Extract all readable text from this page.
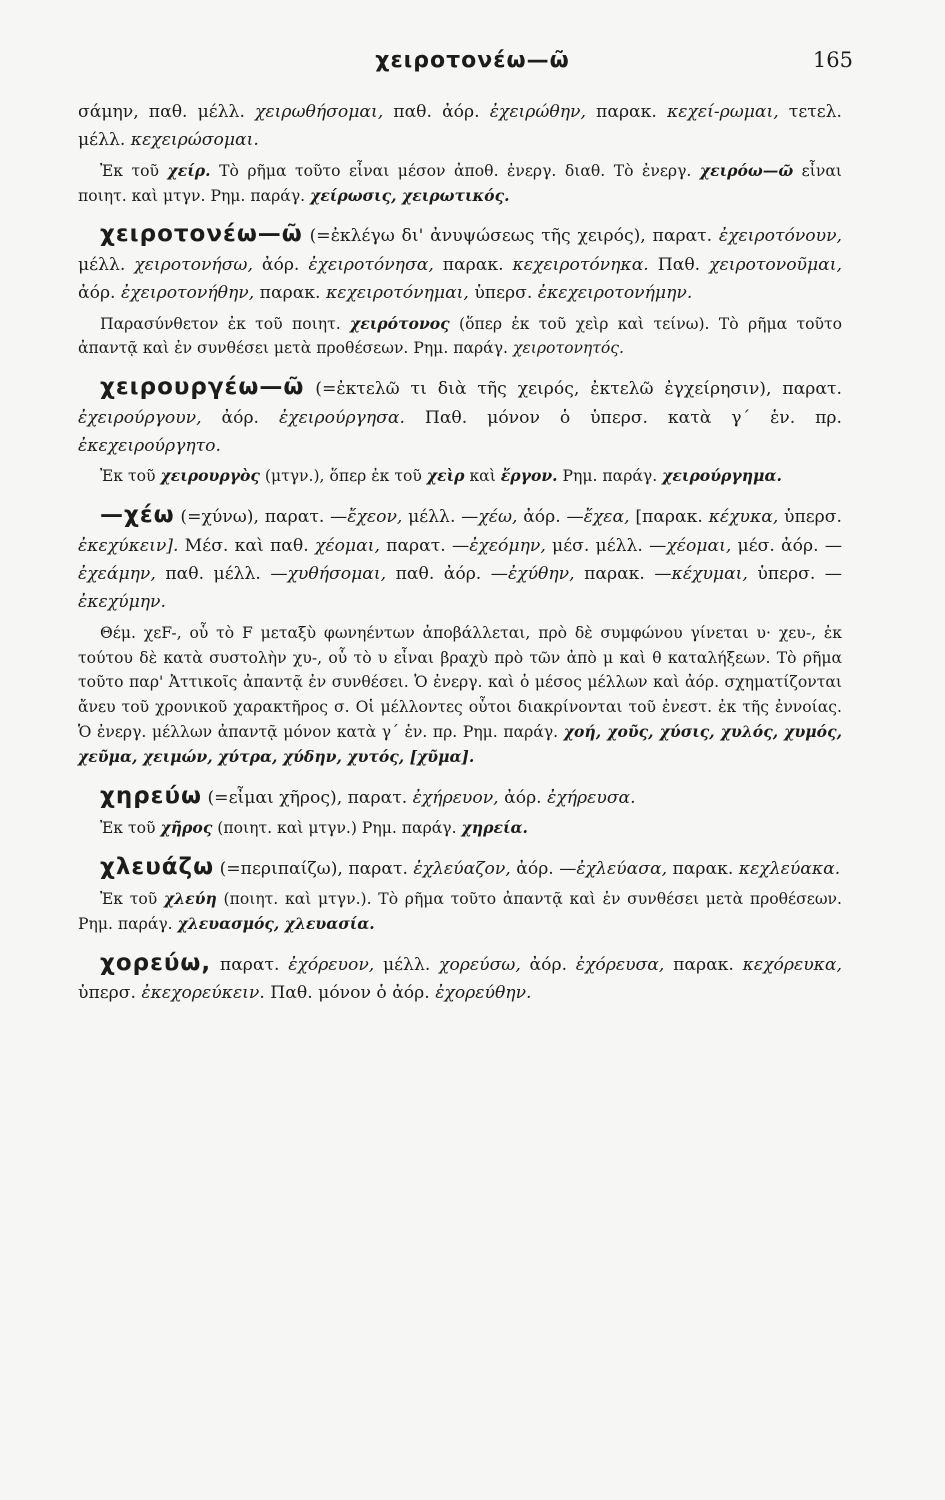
χειροτονέω—ῶ	165

σάμην, παθ. μέλλ. χειρωθήσομαι, παθ. ἀόρ. ἐχειρώθην, παρακ. κεχεί-ρωμαι, τετελ. μέλλ. κεχειρώσομαι.

Ἐκ τοῦ χείρ. Τὸ ρῆμα τοῦτο εἶναι μέσον ἀποθ. ἐνεργ. διαθ. Τὸ ἐνεργ. χειρόω—ῶ εἶναι ποιητ. καὶ μτγν. Ρημ. παράγ. χείρωσις, χειρωτικός.

χειροτονέω—ῶ (=ἐκλέγω δι' ἀνυψώσεως τῆς χειρός), παρατ. ἐχειροτόνουν, μέλλ. χειροτονήσω, ἀόρ. ἐχειροτόνησα, παρακ. κεχειροτόνηκα. Παθ. χειροτονοῦμαι, ἀόρ. ἐχειροτονήθην, παρακ. κεχειροτόνημαι, ὑπερσ. ἐκεχειροτονήμην.

Παρασύνθετον ἐκ τοῦ ποιητ. χειρότονος (ὅπερ ἐκ τοῦ χεὶρ καὶ τείνω). Τὸ ρῆμα τοῦτο ἀπαντᾷ καὶ ἐν συνθέσει μετὰ προθέσεων. Ρημ. παράγ. χειροτονητός.

χειρουργέω—ῶ (=ἐκτελῶ τι διὰ τῆς χειρός, ἐκτελῶ ἐγχείρησιν), παρατ. ἐχειρούργουν, ἀόρ. ἐχειρούργησα. Παθ. μόνον ὁ ὑπερσ. κατὰ γ΄ ἑν. πρ. ἐκεχειρούργητο.

Ἐκ τοῦ χειρουργὸς (μτγν.), ὅπερ ἐκ τοῦ χεὶρ καὶ ἔργον. Ρημ. παράγ. χειρούργημα.

—χέω (=χύνω), παρατ. —ἔχεον, μέλλ. —χέω, ἀόρ. —ἔχεα, [παρακ. κέχυκα, ὑπερσ. ἐκεχύκειν]. Μέσ. καὶ παθ. χέομαι, παρατ. —ἐχεόμην, μέσ. μέλλ. —χέομαι, μέσ. ἀόρ. —ἐχεάμην, παθ. μέλλ. —χυθήσομαι, παθ. ἀόρ. —ἐχύθην, παρακ. —κέχυμαι, ὑπερσ. —ἐκεχύμην.

Θέμ. χεF-, οὗ τὸ F μεταξὺ φωνηέντων ἀποβάλλεται, πρὸ δὲ συμφώνου γίνεται υ· χευ-, ἐκ τούτου δὲ κατὰ συστολὴν χυ-, οὗ τὸ υ εἶναι βραχὺ πρὸ τῶν ἀπὸ μ καὶ θ καταλήξεων. Τὸ ρῆμα τοῦτο παρ' Ἀττικοῖς ἀπαντᾷ ἐν συνθέσει. Ὁ ἐνεργ. καὶ ὁ μέσος μέλλων καὶ ἀόρ. σχηματίζονται ἄνευ τοῦ χρονικοῦ χαρακτῆρος σ. Οἱ μέλλοντες οὗτοι διακρίνονται τοῦ ἐνεστ. ἐκ τῆς ἐννοίας. Ὁ ἐνεργ. μέλλων ἀπαντᾷ μόνον κατὰ γ΄ ἑν. πρ. Ρημ. παράγ. χοή, χοῦς, χύσις, χυλός, χυμός, χεῦμα, χειμών, χύτρα, χύδην, χυτός, [χῦμα].

χηρεύω (=εἶμαι χῆρος), παρατ. ἐχήρευον, ἀόρ. ἐχήρευσα.

Ἐκ τοῦ χῆρος (ποιητ. καὶ μτγν.) Ρημ. παράγ. χηρεία.

χλευάζω (=περιπαίζω), παρατ. ἐχλεύαζον, ἀόρ. —ἐχλεύασα, παρακ. κεχλεύακα.

Ἐκ τοῦ χλεύη (ποιητ. καὶ μτγν.). Τὸ ρῆμα τοῦτο ἀπαντᾷ καὶ ἐν συνθέσει μετὰ προθέσεων. Ρημ. παράγ. χλευασμός, χλευασία.

χορεύω, παρατ. ἐχόρευον, μέλλ. χορεύσω, ἀόρ. ἐχόρευσα, παρακ. κεχόρευκα, ὑπερσ. ἐκεχορεύκειν. Παθ. μόνον ὁ ἀόρ. ἐχορεύθην.
